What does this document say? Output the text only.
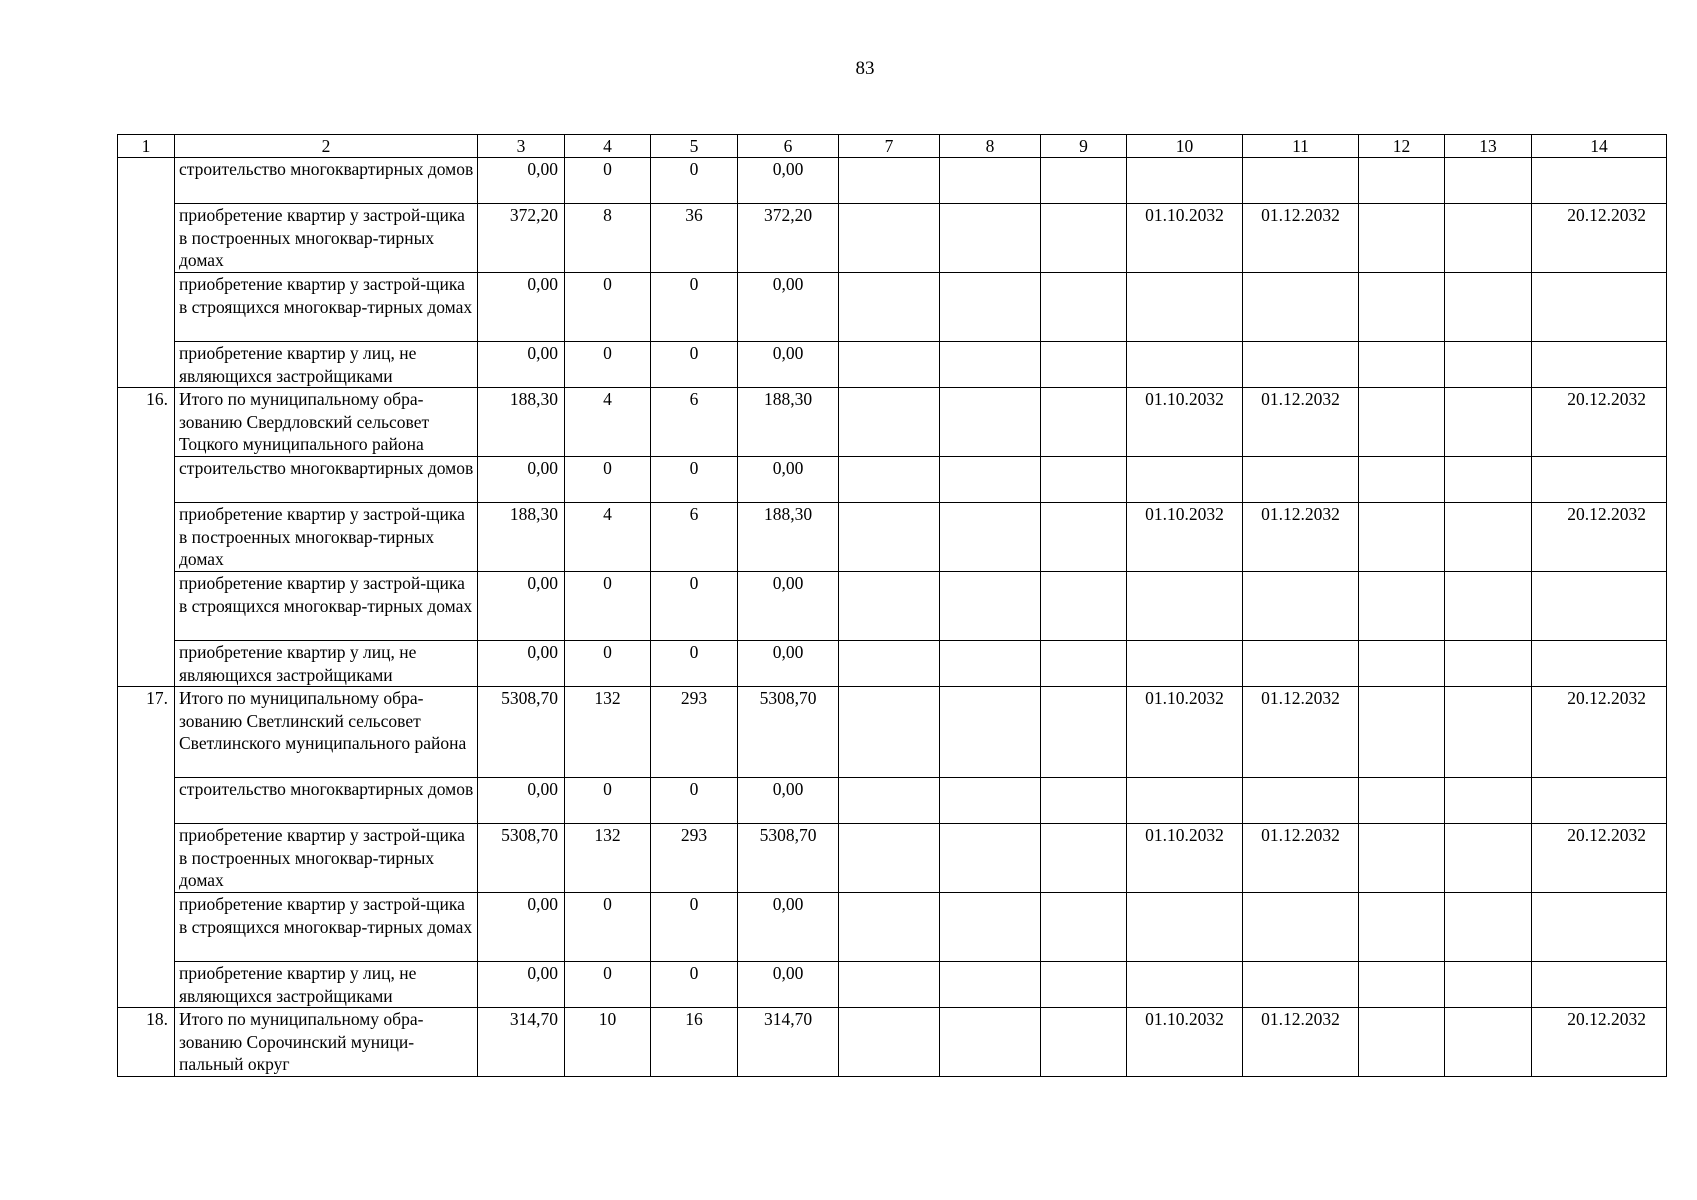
83
1	2	3	4	5	6	7	8	9	10	11	12	13	14
	строительство многоквартирных домов	0,00	0	0	0,00								
	приобретение квартир у застрой-щика в построенных многоквар-тирных домах	372,20	8	36	372,20				01.10.2032	01.12.2032			20.12.2032
	приобретение квартир у застрой-щика в строящихся многоквар-тирных домах	0,00	0	0	0,00								
	приобретение квартир у лиц, не являющихся застройщиками	0,00	0	0	0,00								
16.	Итого по муниципальному обра-зованию Свердловский сельсовет Тоцкого муниципального района	188,30	4	6	188,30				01.10.2032	01.12.2032			20.12.2032
	строительство многоквартирных домов	0,00	0	0	0,00								
	приобретение квартир у застрой-щика в построенных многоквар-тирных домах	188,30	4	6	188,30				01.10.2032	01.12.2032			20.12.2032
	приобретение квартир у застрой-щика в строящихся многоквар-тирных домах	0,00	0	0	0,00								
	приобретение квартир у лиц, не являющихся застройщиками	0,00	0	0	0,00								
17.	Итого по муниципальному обра-зованию Светлинский сельсовет Светлинского муниципального района	5308,70	132	293	5308,70				01.10.2032	01.12.2032			20.12.2032
	строительство многоквартирных домов	0,00	0	0	0,00								
	приобретение квартир у застрой-щика в построенных многоквар-тирных домах	5308,70	132	293	5308,70				01.10.2032	01.12.2032			20.12.2032
	приобретение квартир у застрой-щика в строящихся многоквар-тирных домах	0,00	0	0	0,00								
	приобретение квартир у лиц, не являющихся застройщиками	0,00	0	0	0,00								
18.	Итого по муниципальному обра-зованию Сорочинский муници-пальный округ	314,70	10	16	314,70				01.10.2032	01.12.2032			20.12.2032
